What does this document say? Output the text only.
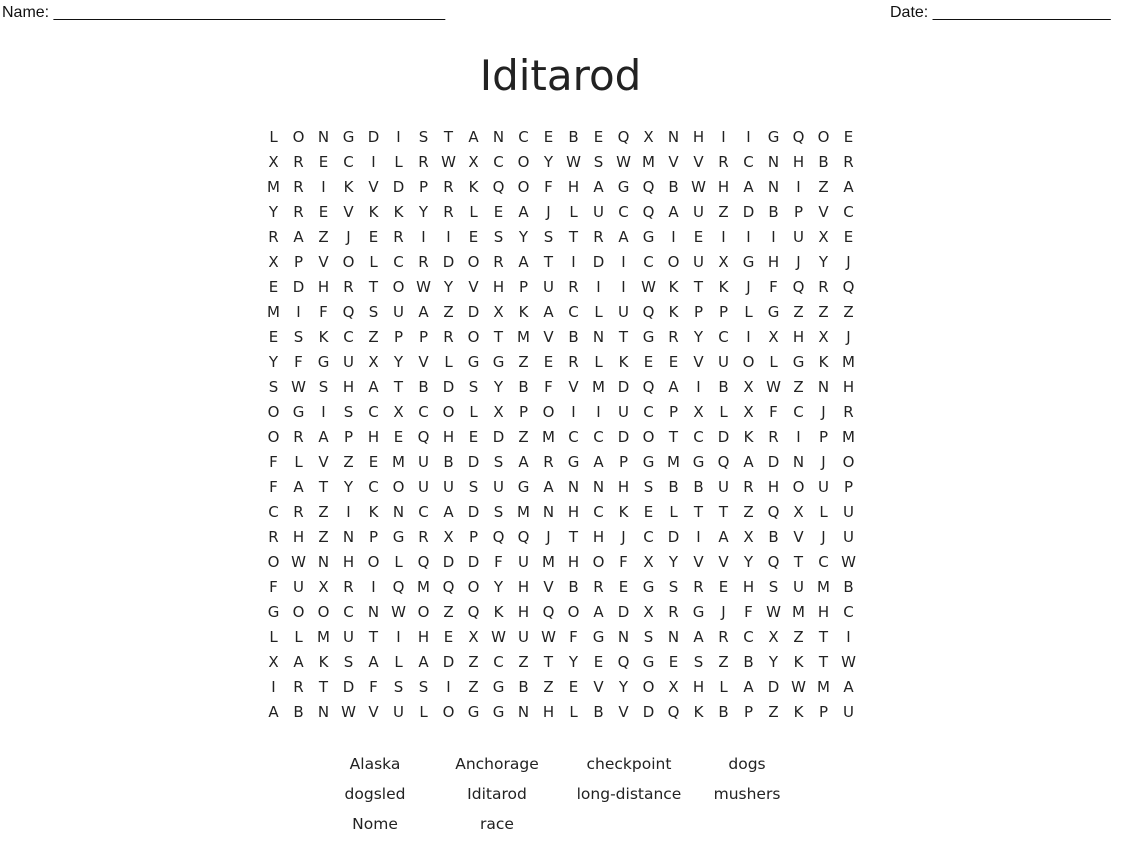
Name: ____________________________________________	Date: ____________________
Iditarod
L O N G D	I	S	T	A N C	E	B	E Q X N H	I	I	G Q O E
X R	E	C	I	L	R W X C O Y W S W M V V R C N H B R
M R	I	K V D P	R K Q O F	H A G Q B W H A N	I	Z A
Y	R	E	V K	K	Y	R	L	E	A	J	L	U C Q A U Z D B	P	V C
R A Z	J	E	R	I	I	E	S	Y	S	T	R A G	I	E	I	I	I	U X	E
X	P	V O L	C R D O R A	T	I	D	I	C O U X G H	J	Y	J
E D H R	T O W Y	V H P U R	I	I	W K	T	K	J	F Q R Q
M	I	F Q S U A Z D X K A C	L	U Q K	P	P	L	G Z Z Z
E	S	K C Z	P	P	R O T M V B N T G R	Y	C	I	X H X	J
Y	F G U X	Y	V	L	G G Z	E	R	L	K	E	E	V U O L	G K M
S W S H A	T	B D S	Y	B	F	V M D Q A	I	B X W Z N H
O G	I	S C X C O L	X	P O	I	I	U C	P	X	L	X	F	C	J	R
O R A	P H E Q H E D Z M C C D O T	C D K R	I	P M
F	L	V Z	E M U B D S	A R G A	P G M G Q A D N	J	O
F	A	T	Y	C O U U S U G A N N H S	B B U R H O U P
C R Z	I	K N C A D S M N H C K	E	L	T	T	Z Q X	L	U
R H Z N P G R X	P Q Q	J	T H	J	C D	I	A X B V	J	U
O W N H O L Q D D F	U M H O F	X	Y	V V	Y Q T	C W
F	U X R	I	Q M Q O Y H V B R	E G S	R	E H S U M B
G O O C N W O Z Q K H Q O A D X R G	J	F W M H C
L	L M U T	I	H E	X W U W F G N S N A R C X Z	T	I
X A K	S	A	L	A D Z C Z	T	Y	E Q G E	S	Z B	Y	K	T W
I	R	T D F	S	S	I	Z G B Z	E	V	Y O X H	L	A D W M A
A B N W V U	L O G G N H	L	B V D Q K B	P	Z K	P U
Alaska	Anchorage	checkpoint	dogs
dogsled	Iditarod	long-distance	mushers
Nome	race
